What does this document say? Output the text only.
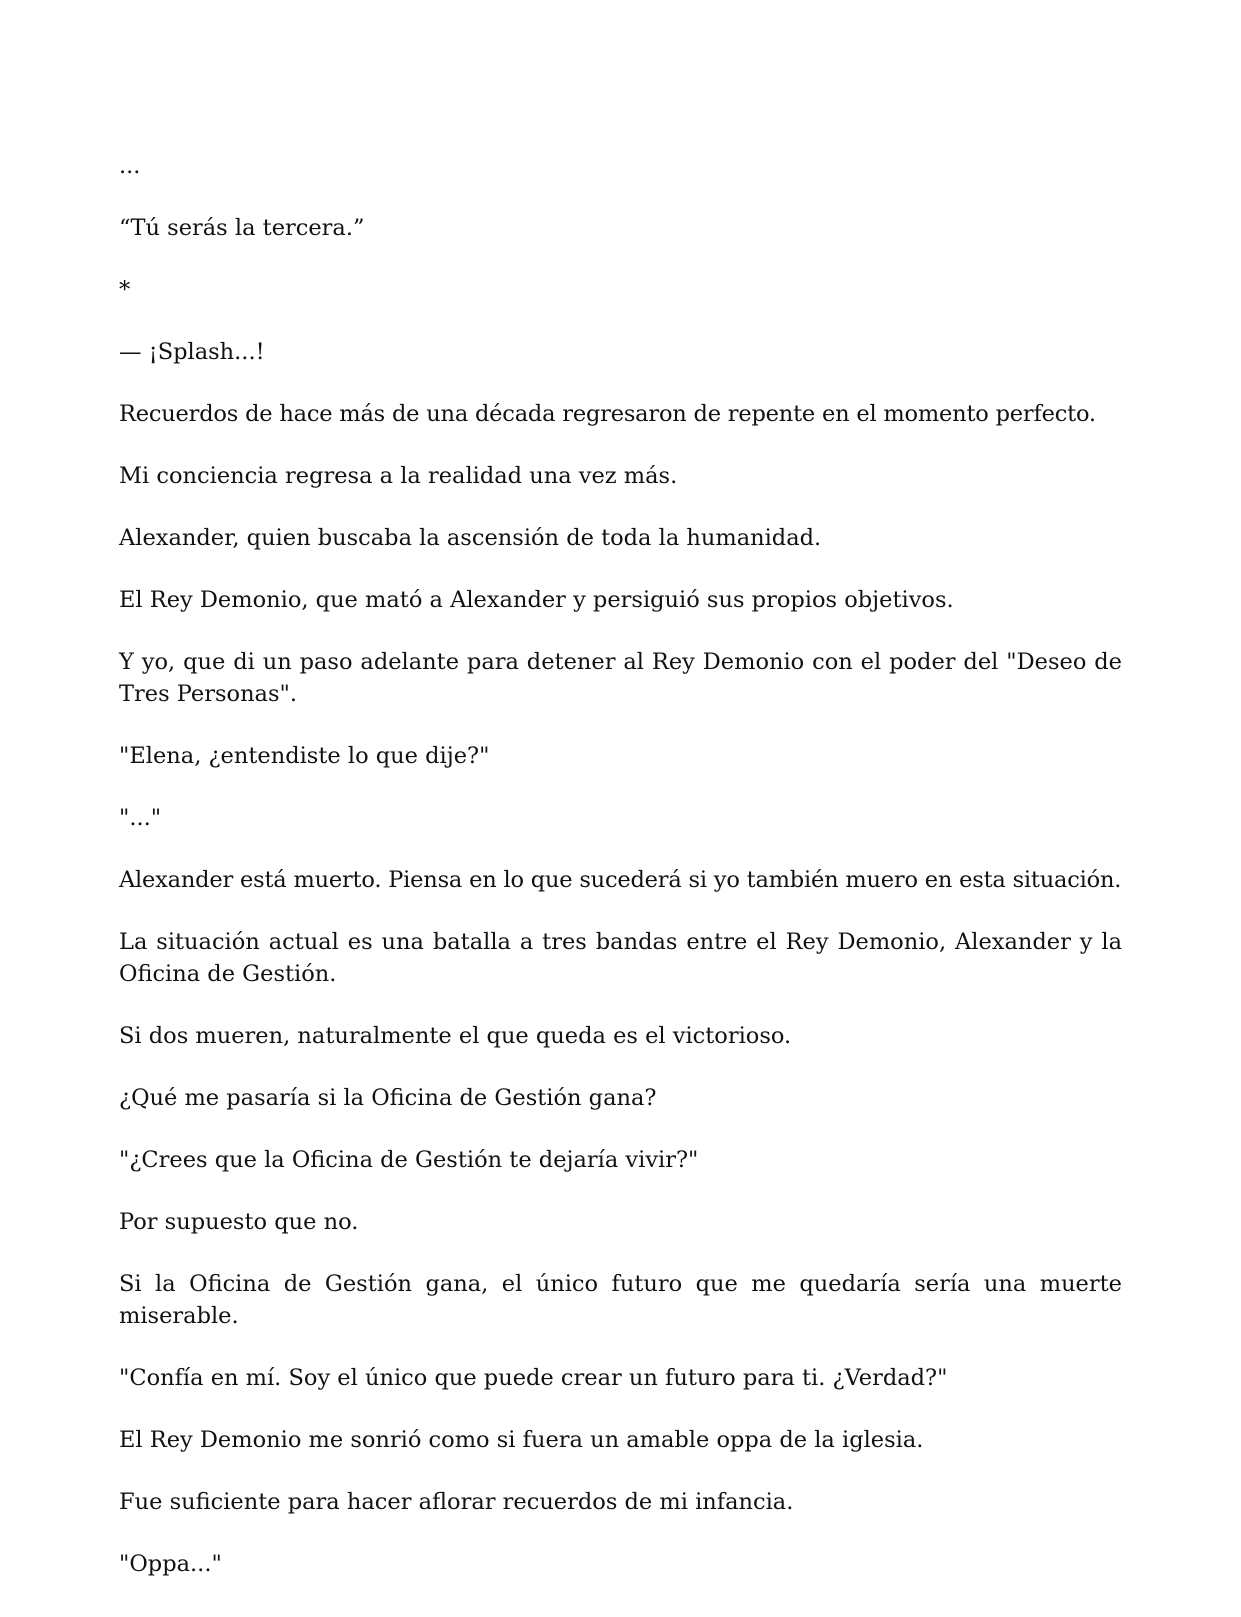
...

“Tú serás la tercera.”

*

— ¡Splash...!

Recuerdos de hace más de una década regresaron de repente en el momento perfecto.

Mi conciencia regresa a la realidad una vez más.

Alexander, quien buscaba la ascensión de toda la humanidad.

El Rey Demonio, que mató a Alexander y persiguió sus propios objetivos.

Y yo, que di un paso adelante para detener al Rey Demonio con el poder del "Deseo de Tres Personas".

"Elena, ¿entendiste lo que dije?"

"..."

Alexander está muerto. Piensa en lo que sucederá si yo también muero en esta situación.

La situación actual es una batalla a tres bandas entre el Rey Demonio, Alexander y la Oficina de Gestión.

Si dos mueren, naturalmente el que queda es el victorioso.

¿Qué me pasaría si la Oficina de Gestión gana?

"¿Crees que la Oficina de Gestión te dejaría vivir?"

Por supuesto que no.

Si la Oficina de Gestión gana, el único futuro que me quedaría sería una muerte miserable.

"Confía en mí. Soy el único que puede crear un futuro para ti. ¿Verdad?"

El Rey Demonio me sonrió como si fuera un amable oppa de la iglesia.

Fue suficiente para hacer aflorar recuerdos de mi infancia.

"Oppa..."
